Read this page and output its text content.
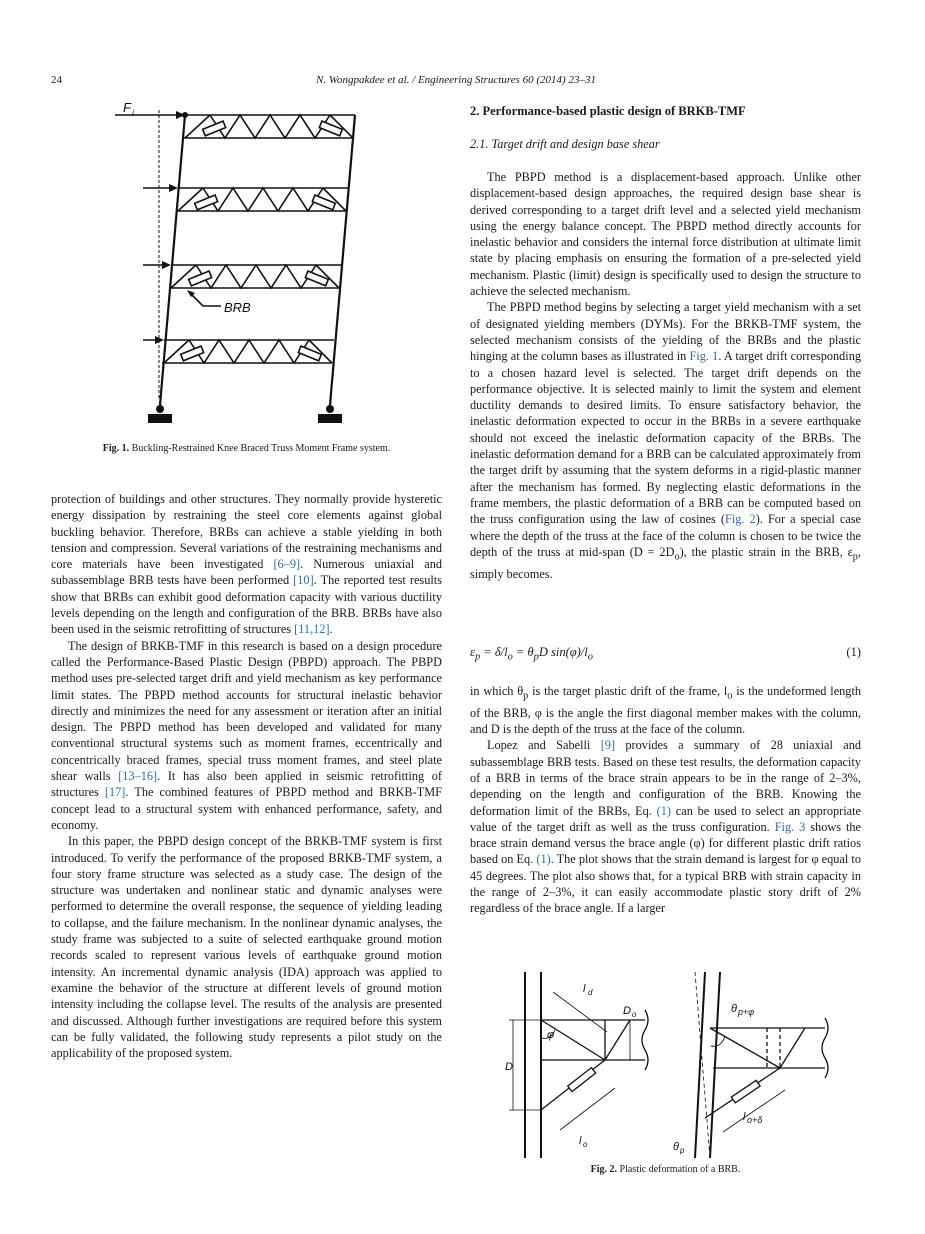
24	N. Wongpakdee et al. / Engineering Structures 60 (2014) 23–31
F i
BRB
Fig. 1. Buckling-Restrained Knee Braced Truss Moment Frame system.

protection of buildings and other structures. They normally provide hysteretic energy dissipation by restraining the steel core elements against global buckling behavior. Therefore, BRBs can achieve a stable yielding in both tension and compression. Several variations of the restraining mechanisms and core materials have been investigated [6–9]. Numerous uniaxial and subassemblage BRB tests have been performed [10]. The reported test results show that BRBs can exhibit good deformation capacity with various ductility levels depending on the length and configuration of the BRB. BRBs have also been used in the seismic retrofitting of structures [11,12].

The design of BRKB-TMF in this research is based on a design procedure called the Performance-Based Plastic Design (PBPD) approach. The PBPD method uses pre-selected target drift and yield mechanism as key performance limit states. The PBPD method accounts for structural inelastic behavior directly and minimizes the need for any assessment or iteration after an initial design. The PBPD method has been developed and validated for many conventional structural systems such as moment frames, eccentrically and concentrically braced frames, special truss moment frames, and steel plate shear walls [13–16]. It has also been applied in seismic retrofitting of structures [17]. The combined features of PBPD method and BRKB-TMF concept lead to a structural system with enhanced performance, safety, and economy.

In this paper, the PBPD design concept of the BRKB-TMF system is first introduced. To verify the performance of the proposed BRKB-TMF system, a four story frame structure was selected as a study case. The design of the structure was undertaken and nonlinear static and dynamic analyses were performed to determine the overall response, the sequence of yielding leading to collapse, and the failure mechanism. In the nonlinear dynamic analyses, the study frame was subjected to a suite of selected earthquake ground motion records scaled to represent various levels of earthquake ground motion intensity. An incremental dynamic analysis (IDA) approach was applied to examine the behavior of the structure at different levels of ground motion intensity including the collapse level. The results of the analysis are presented and discussed. Although further investigations are required before this system can be fully validated, the following study represents a pilot study on the applicability of the proposed system.

2. Performance-based plastic design of BRKB-TMF
2.1. Target drift and design base shear

The PBPD method is a displacement-based approach. Unlike other displacement-based design approaches, the required design base shear is derived corresponding to a target drift level and a selected yield mechanism using the energy balance concept. The PBPD method directly accounts for inelastic behavior and considers the internal force distribution at ultimate limit state by placing emphasis on ensuring the formation of a pre-selected yield mechanism. Plastic (limit) design is specifically used to design the structure to achieve the selected mechanism.

The PBPD method begins by selecting a target yield mechanism with a set of designated yielding members (DYMs). For the BRKB-TMF system, the selected mechanism consists of the yielding of the BRBs and the plastic hinging at the column bases as illustrated in Fig. 1. A target drift corresponding to a chosen hazard level is selected. The target drift depends on the performance objective. It is selected mainly to limit the system and element ductility demands to desired limits. To ensure satisfactory behavior, the inelastic deformation expected to occur in the BRBs in a severe earthquake should not exceed the inelastic deformation capacity of the BRBs. The inelastic deformation demand for a BRB can be calculated approximately from the target drift by assuming that the system deforms in a rigid-plastic manner after the mechanism has formed. By neglecting elastic deformations in the frame members, the plastic deformation of a BRB can be computed based on the truss configuration using the law of cosines (Fig. 2). For a special case where the depth of the truss at the face of the column is chosen to be twice the depth of the truss at mid-span $(D = 2D_o)$, the plastic strain in the BRB, $\varepsilon_p$, simply becomes.

$\varepsilon_p = \delta/l_o = \theta_pD$ $\sin(\varphi)/l_o$	(1)

in which $\theta_p$ is the target plastic drift of the frame, $l_o$ is the undeformed length of the BRB, φ is the angle the first diagonal member makes with the column, and D is the depth of the truss at the face of the column.

Lopez and Sabelli [9] provides a summary of 28 uniaxial and subassemblage BRB tests. Based on these test results, the deformation capacity of a BRB in terms of the brace strain appears to be in the range of 2–3%, depending on the length and configuration of the BRB. Knowing the deformation limit of the BRBs, Eq. (1) can be used to select an appropriate value of the target drift as well as the truss configuration. Fig. 3 shows the brace strain demand versus the brace angle (φ) for different plastic drift ratios based on Eq. (1). The plot shows that the strain demand is largest for φ equal to 45 degrees. The plot also shows that, for a typical BRB with strain capacity in the range of 2–3%, it can easily accommodate plastic story drift of 2% regardless of the brace angle. If a larger

φ
l d
D o
D
l o
θ p+φ
l o+δ
θ p
Fig. 2. Plastic deformation of a BRB.
